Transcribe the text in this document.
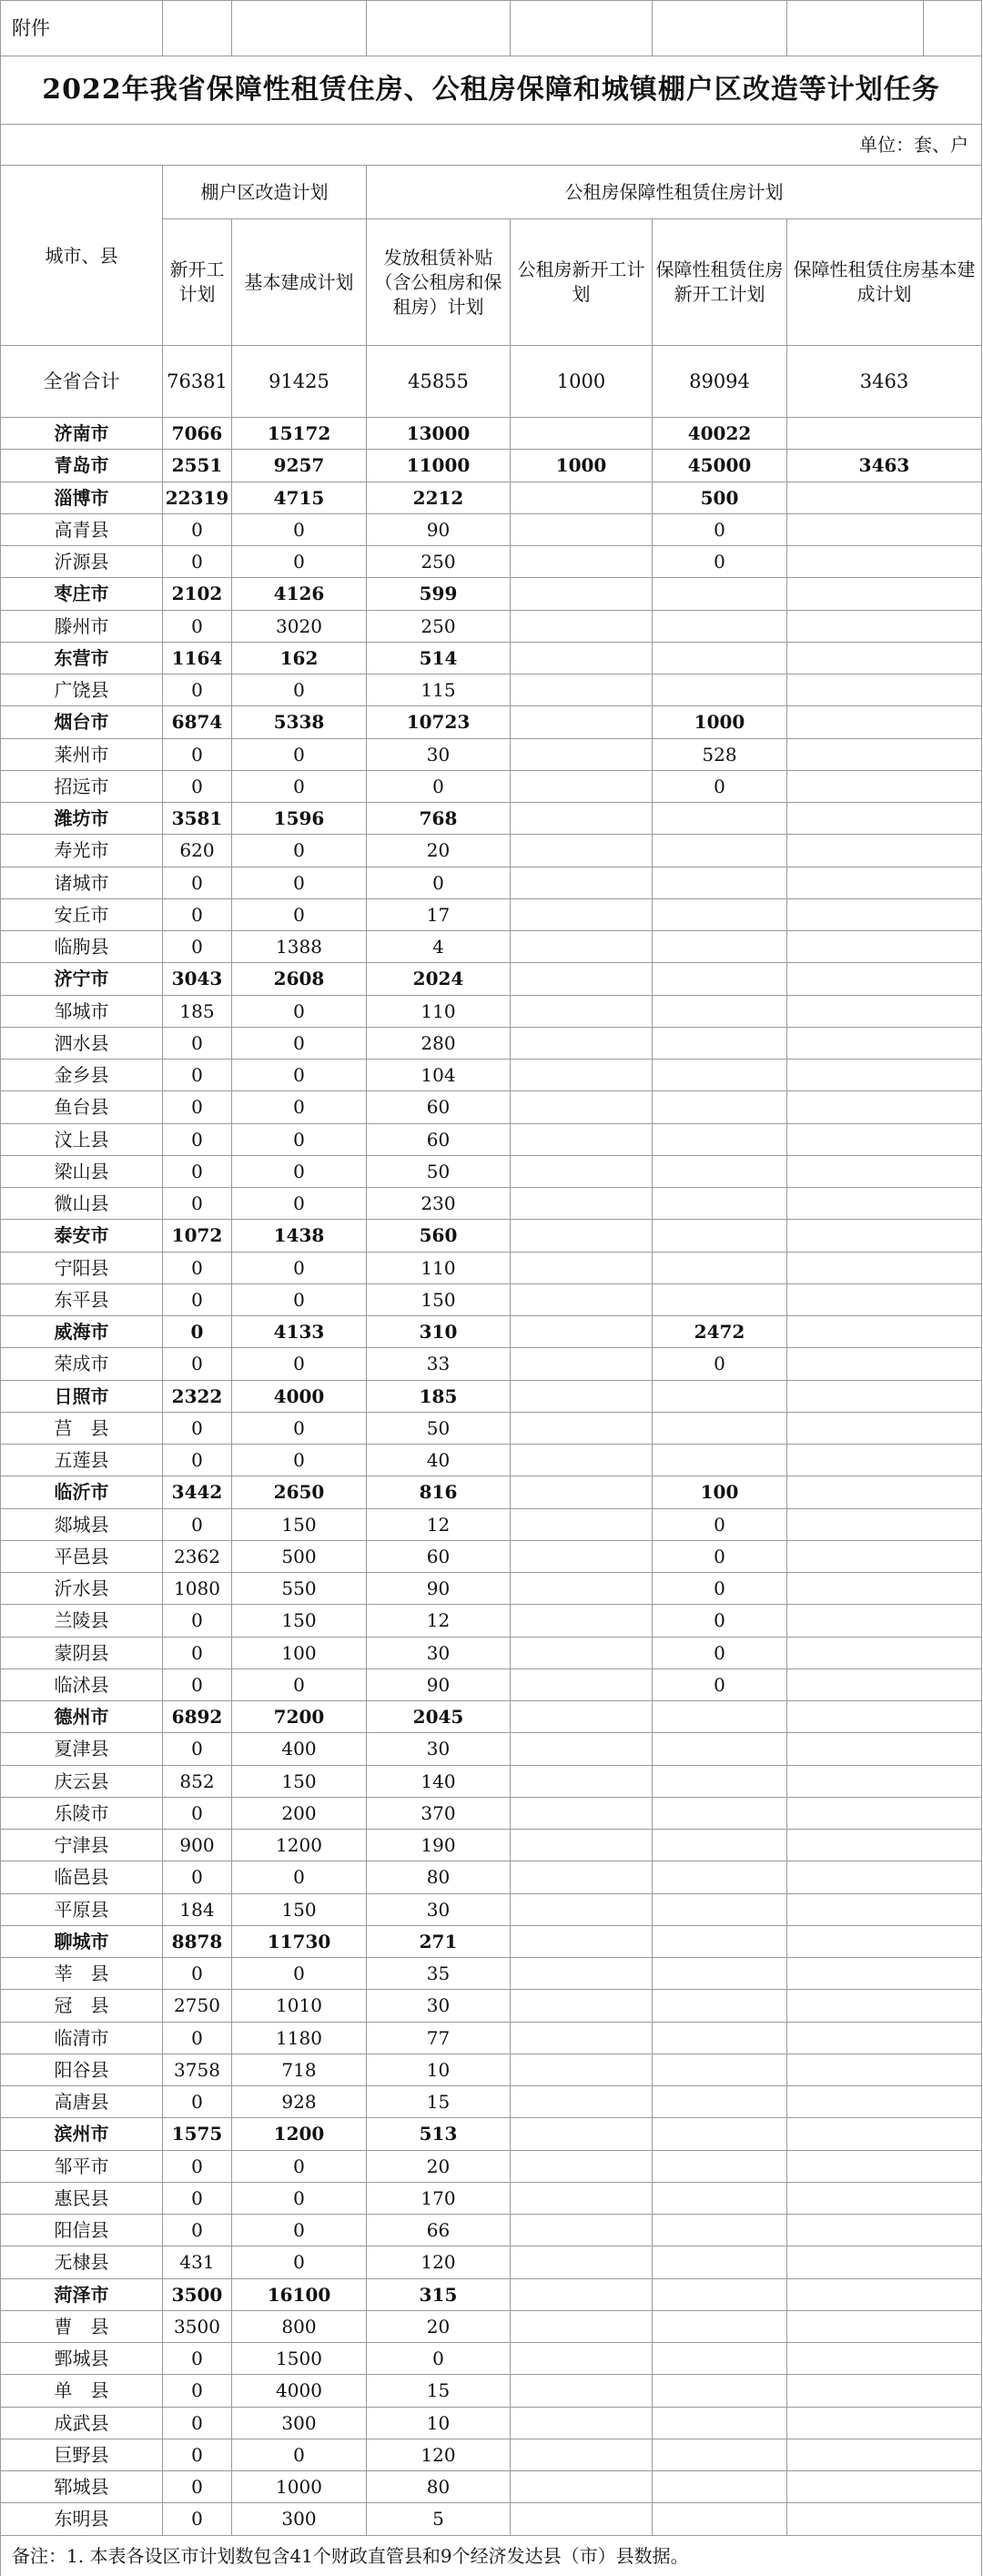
附件							
2022年我省保障性租赁住房、公租房保障和城镇棚户区改造等计划任务							
单位：套、户							
城市、县	棚户区改造计划		公租房保障性租赁住房计划				
	新开工计划	基本建成计划	发放租赁补贴（含公租房和保租房）计划	公租房新开工计划	保障性租赁住房新开工计划	保障性租赁住房基本建成计划	
全省合计	76381	91425	45855	1000	89094	3463	
济南市	7066	15172	13000		40022		
青岛市	2551	9257	11000	1000	45000	3463	
淄博市	22319	4715	2212		500		
高青县	0	0	90		0		
沂源县	0	0	250		0		
枣庄市	2102	4126	599				
滕州市	0	3020	250				
东营市	1164	162	514				
广饶县	0	0	115				
烟台市	6874	5338	10723		1000		
莱州市	0	0	30		528		
招远市	0	0	0		0		
潍坊市	3581	1596	768				
寿光市	620	0	20				
诸城市	0	0	0				
安丘市	0	0	17				
临朐县	0	1388	4				
济宁市	3043	2608	2024				
邹城市	185	0	110				
泗水县	0	0	280				
金乡县	0	0	104				
鱼台县	0	0	60				
汶上县	0	0	60				
梁山县	0	0	50				
微山县	0	0	230				
泰安市	1072	1438	560				
宁阳县	0	0	110				
东平县	0	0	150				
威海市	0	4133	310		2472		
荣成市	0	0	33		0		
日照市	2322	4000	185				
莒　县	0	0	50				
五莲县	0	0	40				
临沂市	3442	2650	816		100		
郯城县	0	150	12		0		
平邑县	2362	500	60		0		
沂水县	1080	550	90		0		
兰陵县	0	150	12		0		
蒙阴县	0	100	30		0		
临沭县	0	0	90		0		
德州市	6892	7200	2045				
夏津县	0	400	30				
庆云县	852	150	140				
乐陵市	0	200	370				
宁津县	900	1200	190				
临邑县	0	0	80				
平原县	184	150	30				
聊城市	8878	11730	271				
莘　县	0	0	35				
冠　县	2750	1010	30				
临清市	0	1180	77				
阳谷县	3758	718	10				
高唐县	0	928	15				
滨州市	1575	1200	513				
邹平市	0	0	20				
惠民县	0	0	170				
阳信县	0	0	66				
无棣县	431	0	120				
菏泽市	3500	16100	315				
曹　县	3500	800	20				
鄄城县	0	1500	0				
单　县	0	4000	15				
成武县	0	300	10				
巨野县	0	0	120				
郓城县	0	1000	80				
东明县	0	300	5				
备注：1. 本表各设区市计划数包含41个财政直管县和9个经济发达县（市）县数据。							
